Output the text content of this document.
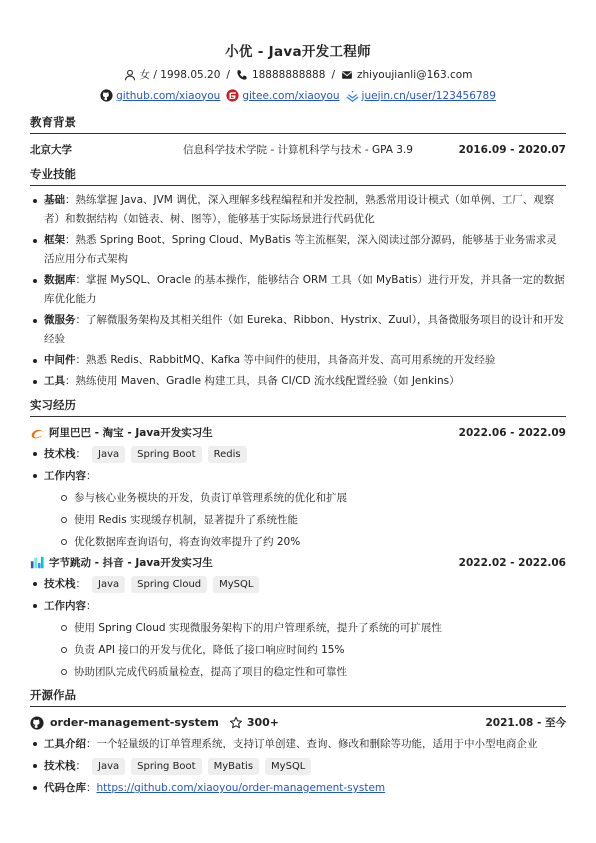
小优 - Java开发工程师
女 / 1998.05.20 / 18888888888 / zhiyoujianli@163.com
github.com/xiaoyou gitee.com/xiaoyou juejin.cn/user/123456789
教育背景
北京大学	信息科学技术学院 - 计算机科学与技术 - GPA 3.9	2016.09 - 2020.07
专业技能
基础：熟练掌握 Java、JVM 调优，深入理解多线程编程和并发控制，熟悉常用设计模式（如单例、工厂、观察者）和数据结构（如链表、树、图等），能够基于实际场景进行代码优化
框架：熟悉 Spring Boot、Spring Cloud、MyBatis 等主流框架，深入阅读过部分源码，能够基于业务需求灵活应用分布式架构
数据库：掌握 MySQL、Oracle 的基本操作，能够结合 ORM 工具（如 MyBatis）进行开发，并具备一定的数据库优化能力
微服务：了解微服务架构及其相关组件（如 Eureka、Ribbon、Hystrix、Zuul），具备微服务项目的设计和开发经验
中间件：熟悉 Redis、RabbitMQ、Kafka 等中间件的使用，具备高并发、高可用系统的开发经验
工具：熟练使用 Maven、Gradle 构建工具，具备 CI/CD 流水线配置经验（如 Jenkins）
实习经历
阿里巴巴 - 淘宝 - Java开发实习生	2022.06 - 2022.09
技术栈：	Java	Spring Boot	Redis
工作内容：
参与核心业务模块的开发，负责订单管理系统的优化和扩展
使用 Redis 实现缓存机制，显著提升了系统性能
优化数据库查询语句，将查询效率提升了约 20%
字节跳动 - 抖音 - Java开发实习生	2022.02 - 2022.06
技术栈：	Java	Spring Cloud	MySQL
工作内容：
使用 Spring Cloud 实现微服务架构下的用户管理系统，提升了系统的可扩展性
负责 API 接口的开发与优化，降低了接口响应时间约 15%
协助团队完成代码质量检查，提高了项目的稳定性和可靠性
开源作品
order-management-system	300+	2021.08 - 至今
工具介绍：一个轻量级的订单管理系统，支持订单创建、查询、修改和删除等功能，适用于中小型电商企业
技术栈：	Java	Spring Boot	MyBatis	MySQL
代码仓库：https://github.com/xiaoyou/order-management-system
